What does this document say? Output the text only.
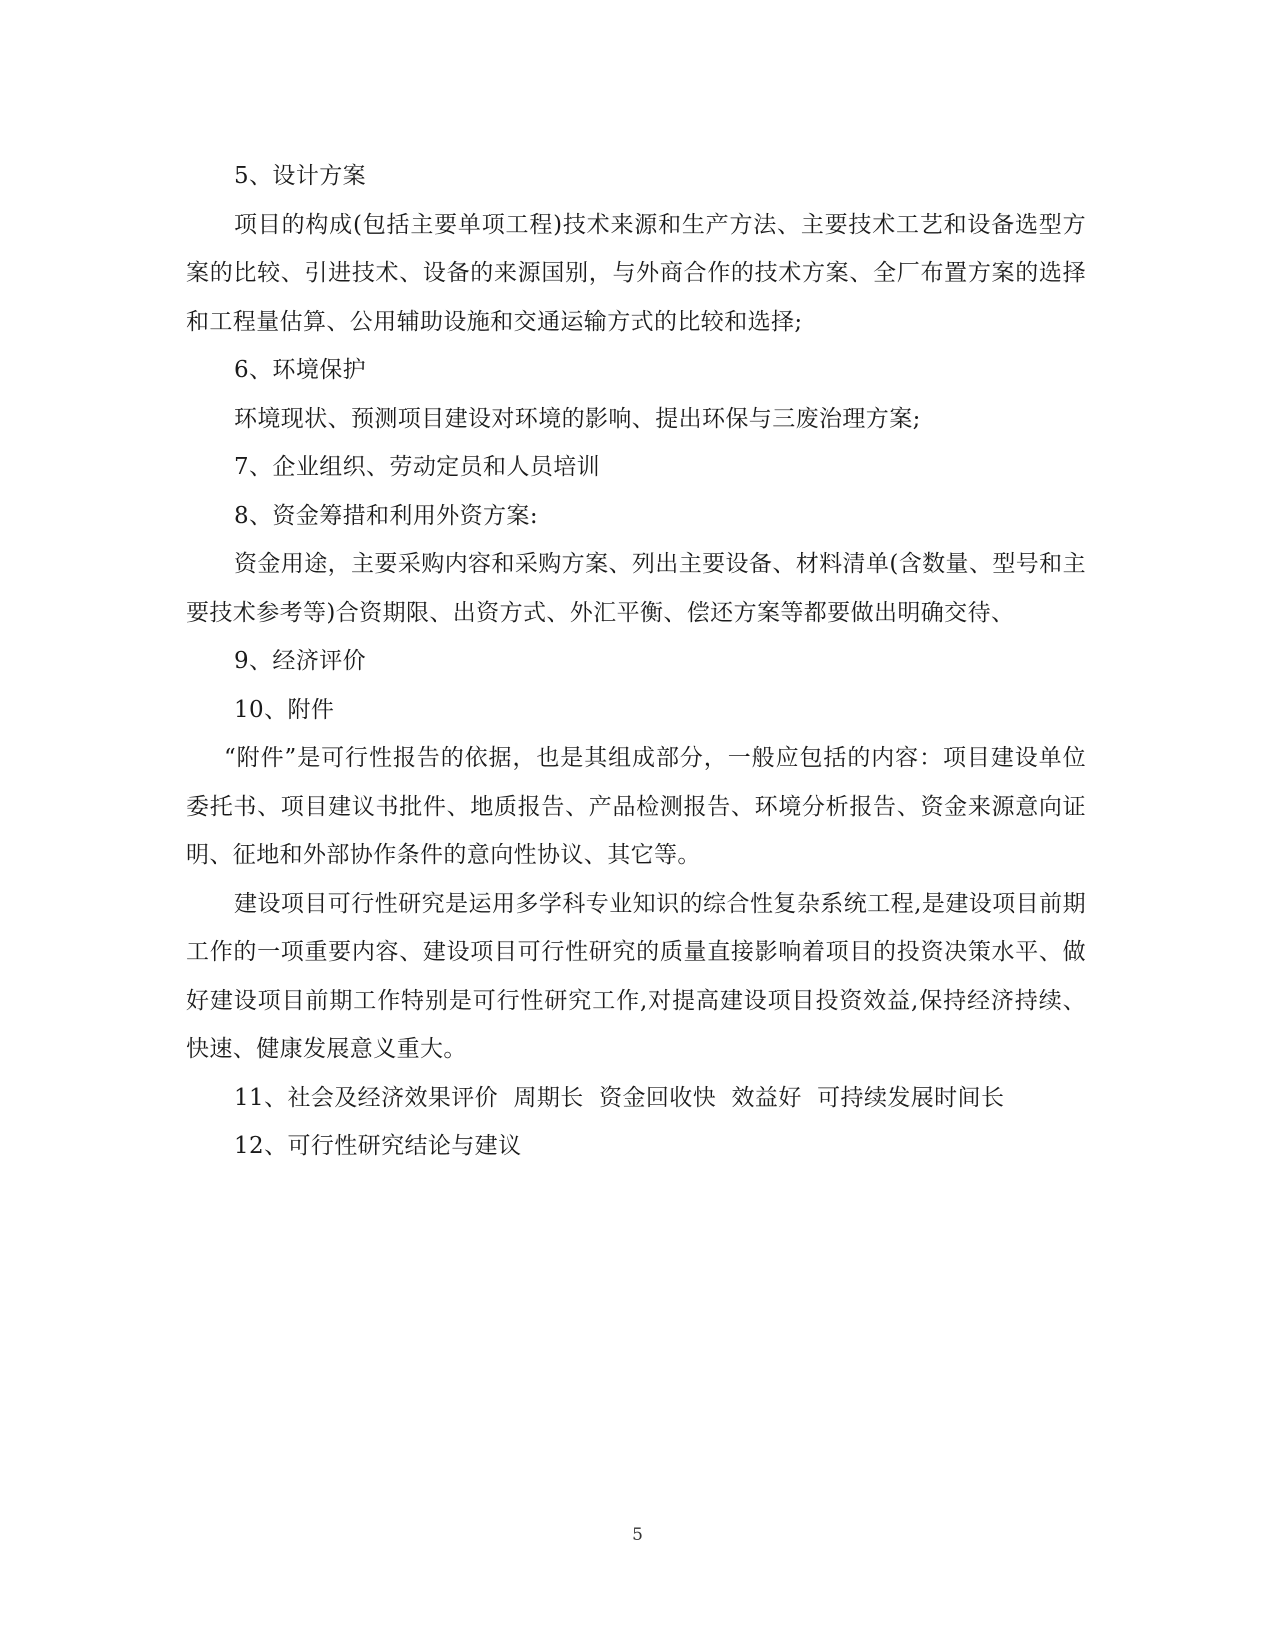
5、设计方案

项目的构成(包括主要单项工程)技术来源和生产方法、主要技术工艺和设备选型方案的比较、引进技术、设备的来源国别，与外商合作的技术方案、全厂布置方案的选择和工程量估算、公用辅助设施和交通运输方式的比较和选择;

6、环境保护

环境现状、预测项目建设对环境的影响、提出环保与三废治理方案;

7、企业组织、劳动定员和人员培训

8、资金筹措和利用外资方案:

资金用途，主要采购内容和采购方案、列出主要设备、材料清单(含数量、型号和主要技术参考等)合资期限、出资方式、外汇平衡、偿还方案等都要做出明确交待、

9、经济评价

10、附件

“附件”是可行性报告的依据，也是其组成部分，一般应包括的内容：项目建设单位委托书、项目建议书批件、地质报告、产品检测报告、环境分析报告、资金来源意向证明、征地和外部协作条件的意向性协议、其它等。

建设项目可行性研究是运用多学科专业知识的综合性复杂系统工程,是建设项目前期工作的一项重要内容、建设项目可行性研究的质量直接影响着项目的投资决策水平、做好建设项目前期工作特别是可行性研究工作,对提高建设项目投资效益,保持经济持续、快速、健康发展意义重大。

11、社会及经济效果评价  周期长  资金回收快  效益好  可持续发展时间长

12、可行性研究结论与建议

5
